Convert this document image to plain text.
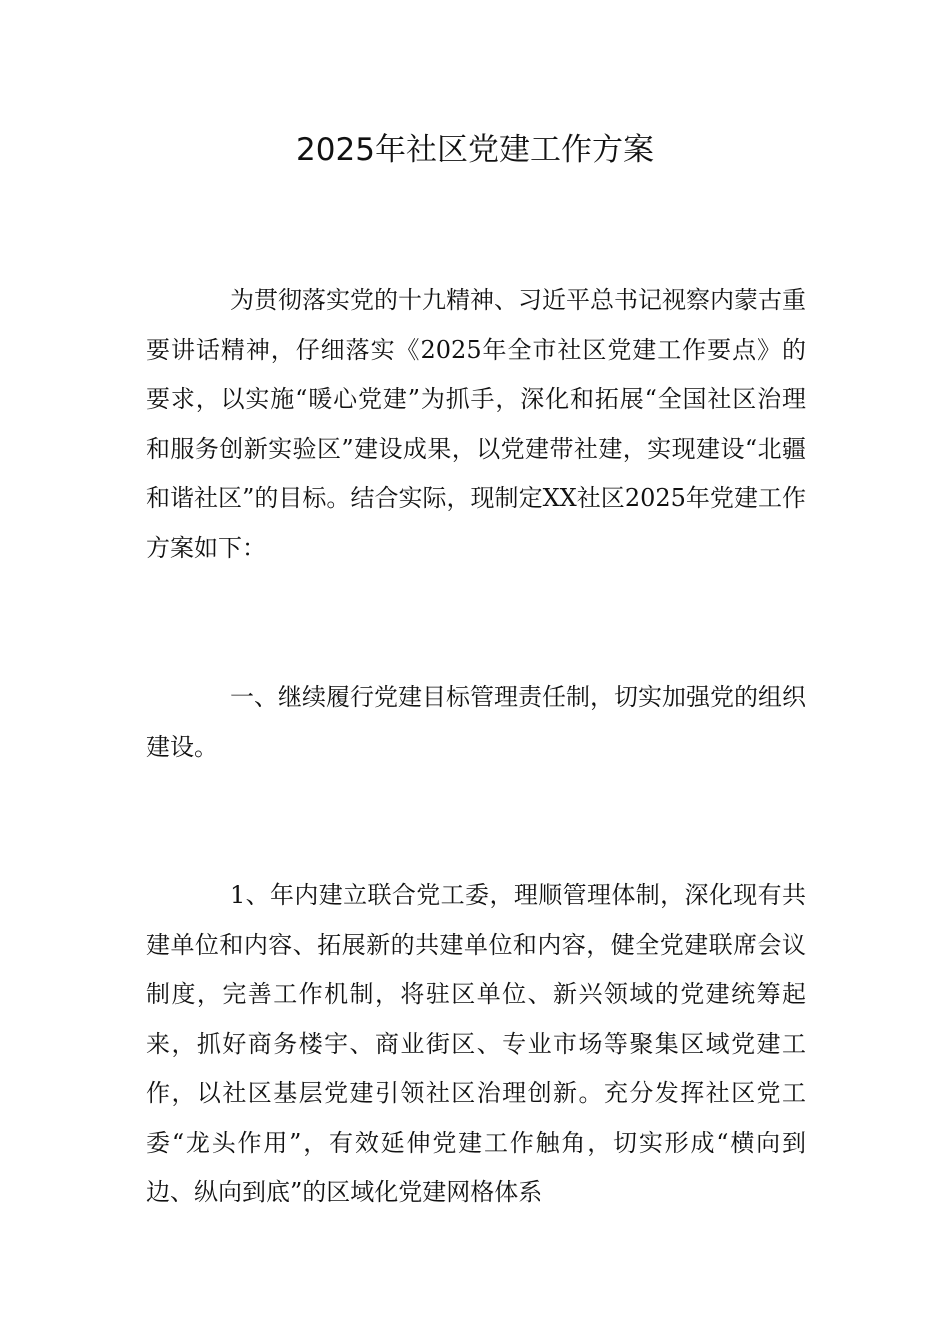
2025年社区党建工作方案

为贯彻落实党的十九精神、习近平总书记视察内蒙古重要讲话精神，仔细落实《2025年全市社区党建工作要点》的要求，以实施“暖心党建”为抓手，深化和拓展“全国社区治理和服务创新实验区”建设成果，以党建带社建，实现建设“北疆和谐社区”的目标。结合实际，现制定XX社区2025年党建工作方案如下：

一、继续履行党建目标管理责任制，切实加强党的组织建设。

1、年内建立联合党工委，理顺管理体制，深化现有共建单位和内容、拓展新的共建单位和内容，健全党建联席会议制度，完善工作机制，将驻区单位、新兴领域的党建统筹起来，抓好商务楼宇、商业街区、专业市场等聚集区域党建工作，以社区基层党建引领社区治理创新。充分发挥社区党工委“龙头作用”，有效延伸党建工作触角，切实形成“横向到边、纵向到底”的区域化党建网格体系
